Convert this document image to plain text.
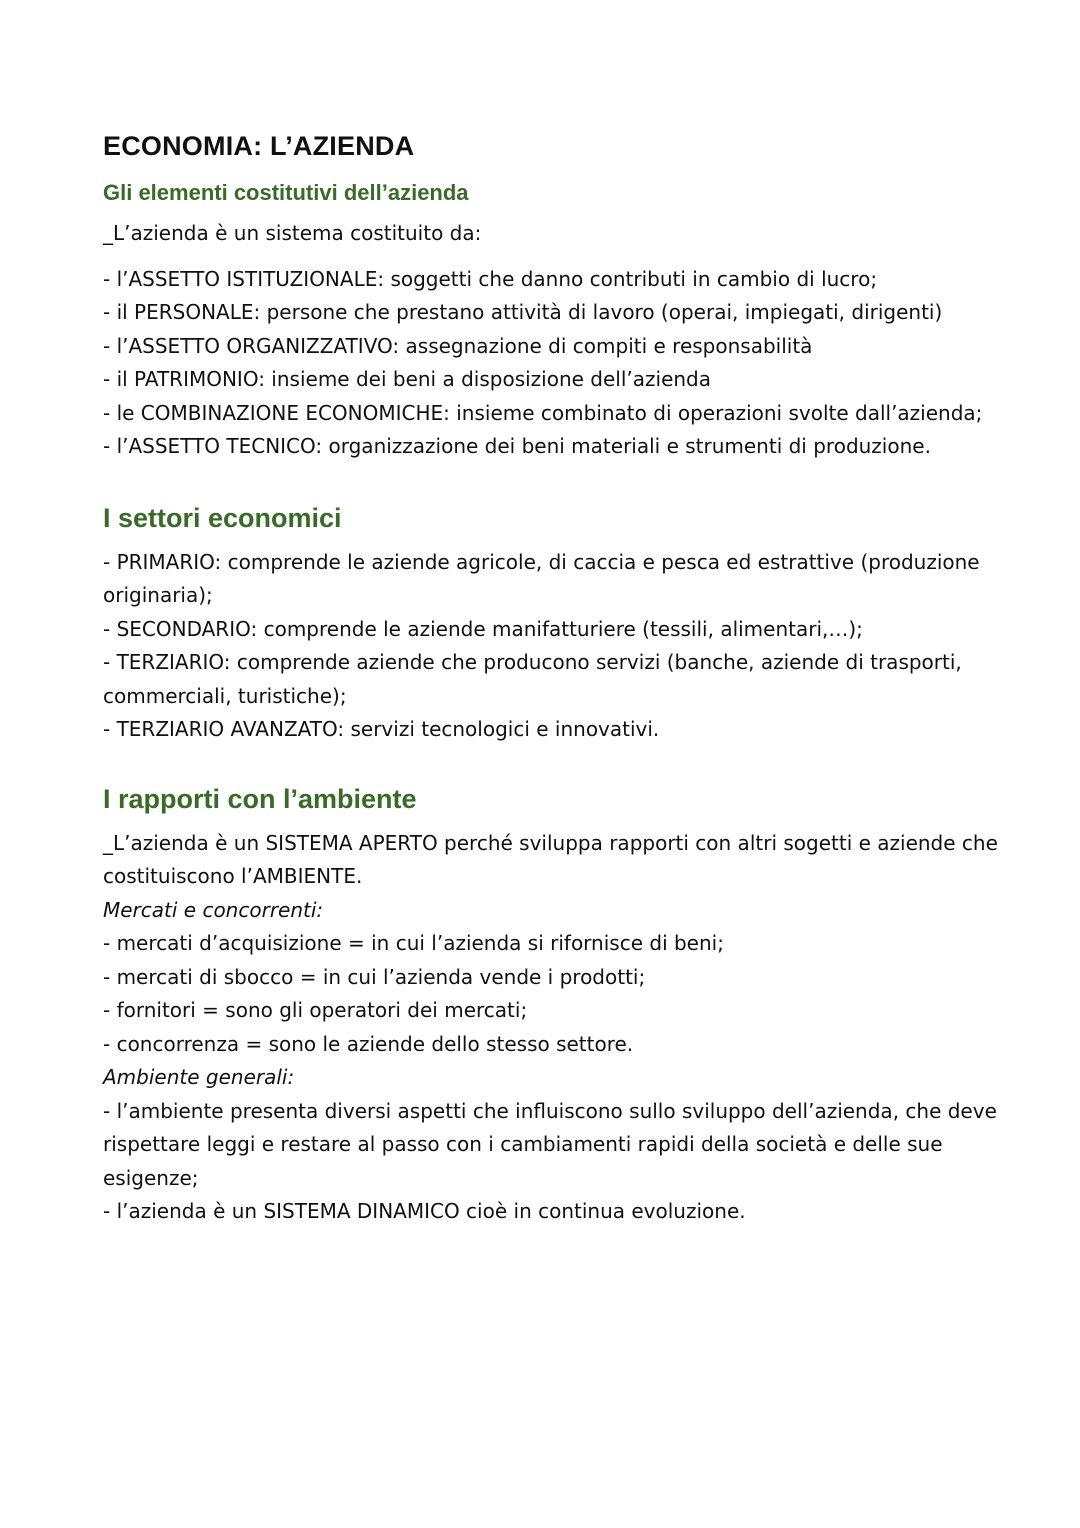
ECONOMIA: L’AZIENDA
Gli elementi costitutivi dell’azienda

_L’azienda è un sistema costituito da:

- l’ASSETTO ISTITUZIONALE: soggetti che danno contributi in cambio di lucro;

- il PERSONALE: persone che prestano attività di lavoro (operai, impiegati, dirigenti)

- l’ASSETTO ORGANIZZATIVO: assegnazione di compiti e responsabilità

- il PATRIMONIO: insieme dei beni a disposizione dell’azienda

- le COMBINAZIONE ECONOMICHE: insieme combinato di operazioni svolte dall’azienda;

- l’ASSETTO TECNICO: organizzazione dei beni materiali e strumenti di produzione.

I settori economici

- PRIMARIO: comprende le aziende agricole, di caccia e pesca ed estrattive (produzione originaria);

- SECONDARIO: comprende le aziende manifatturiere (tessili, alimentari,…);

- TERZIARIO: comprende aziende che producono servizi (banche, aziende di trasporti, commerciali, turistiche);

- TERZIARIO AVANZATO: servizi tecnologici e innovativi.

I rapporti con l’ambiente

_L’azienda è un SISTEMA APERTO perché sviluppa rapporti con altri sogetti e aziende che costituiscono l’AMBIENTE.

Mercati e concorrenti:

- mercati d’acquisizione = in cui l’azienda si rifornisce di beni;

- mercati di sbocco = in cui l’azienda vende i prodotti;

- fornitori = sono gli operatori dei mercati;

- concorrenza = sono le aziende dello stesso settore.

Ambiente generali:

- l’ambiente presenta diversi aspetti che influiscono sullo sviluppo dell’azienda, che deve rispettare leggi e restare al passo con i cambiamenti rapidi della società e delle sue esigenze;

- l’azienda è un SISTEMA DINAMICO cioè in continua evoluzione.
